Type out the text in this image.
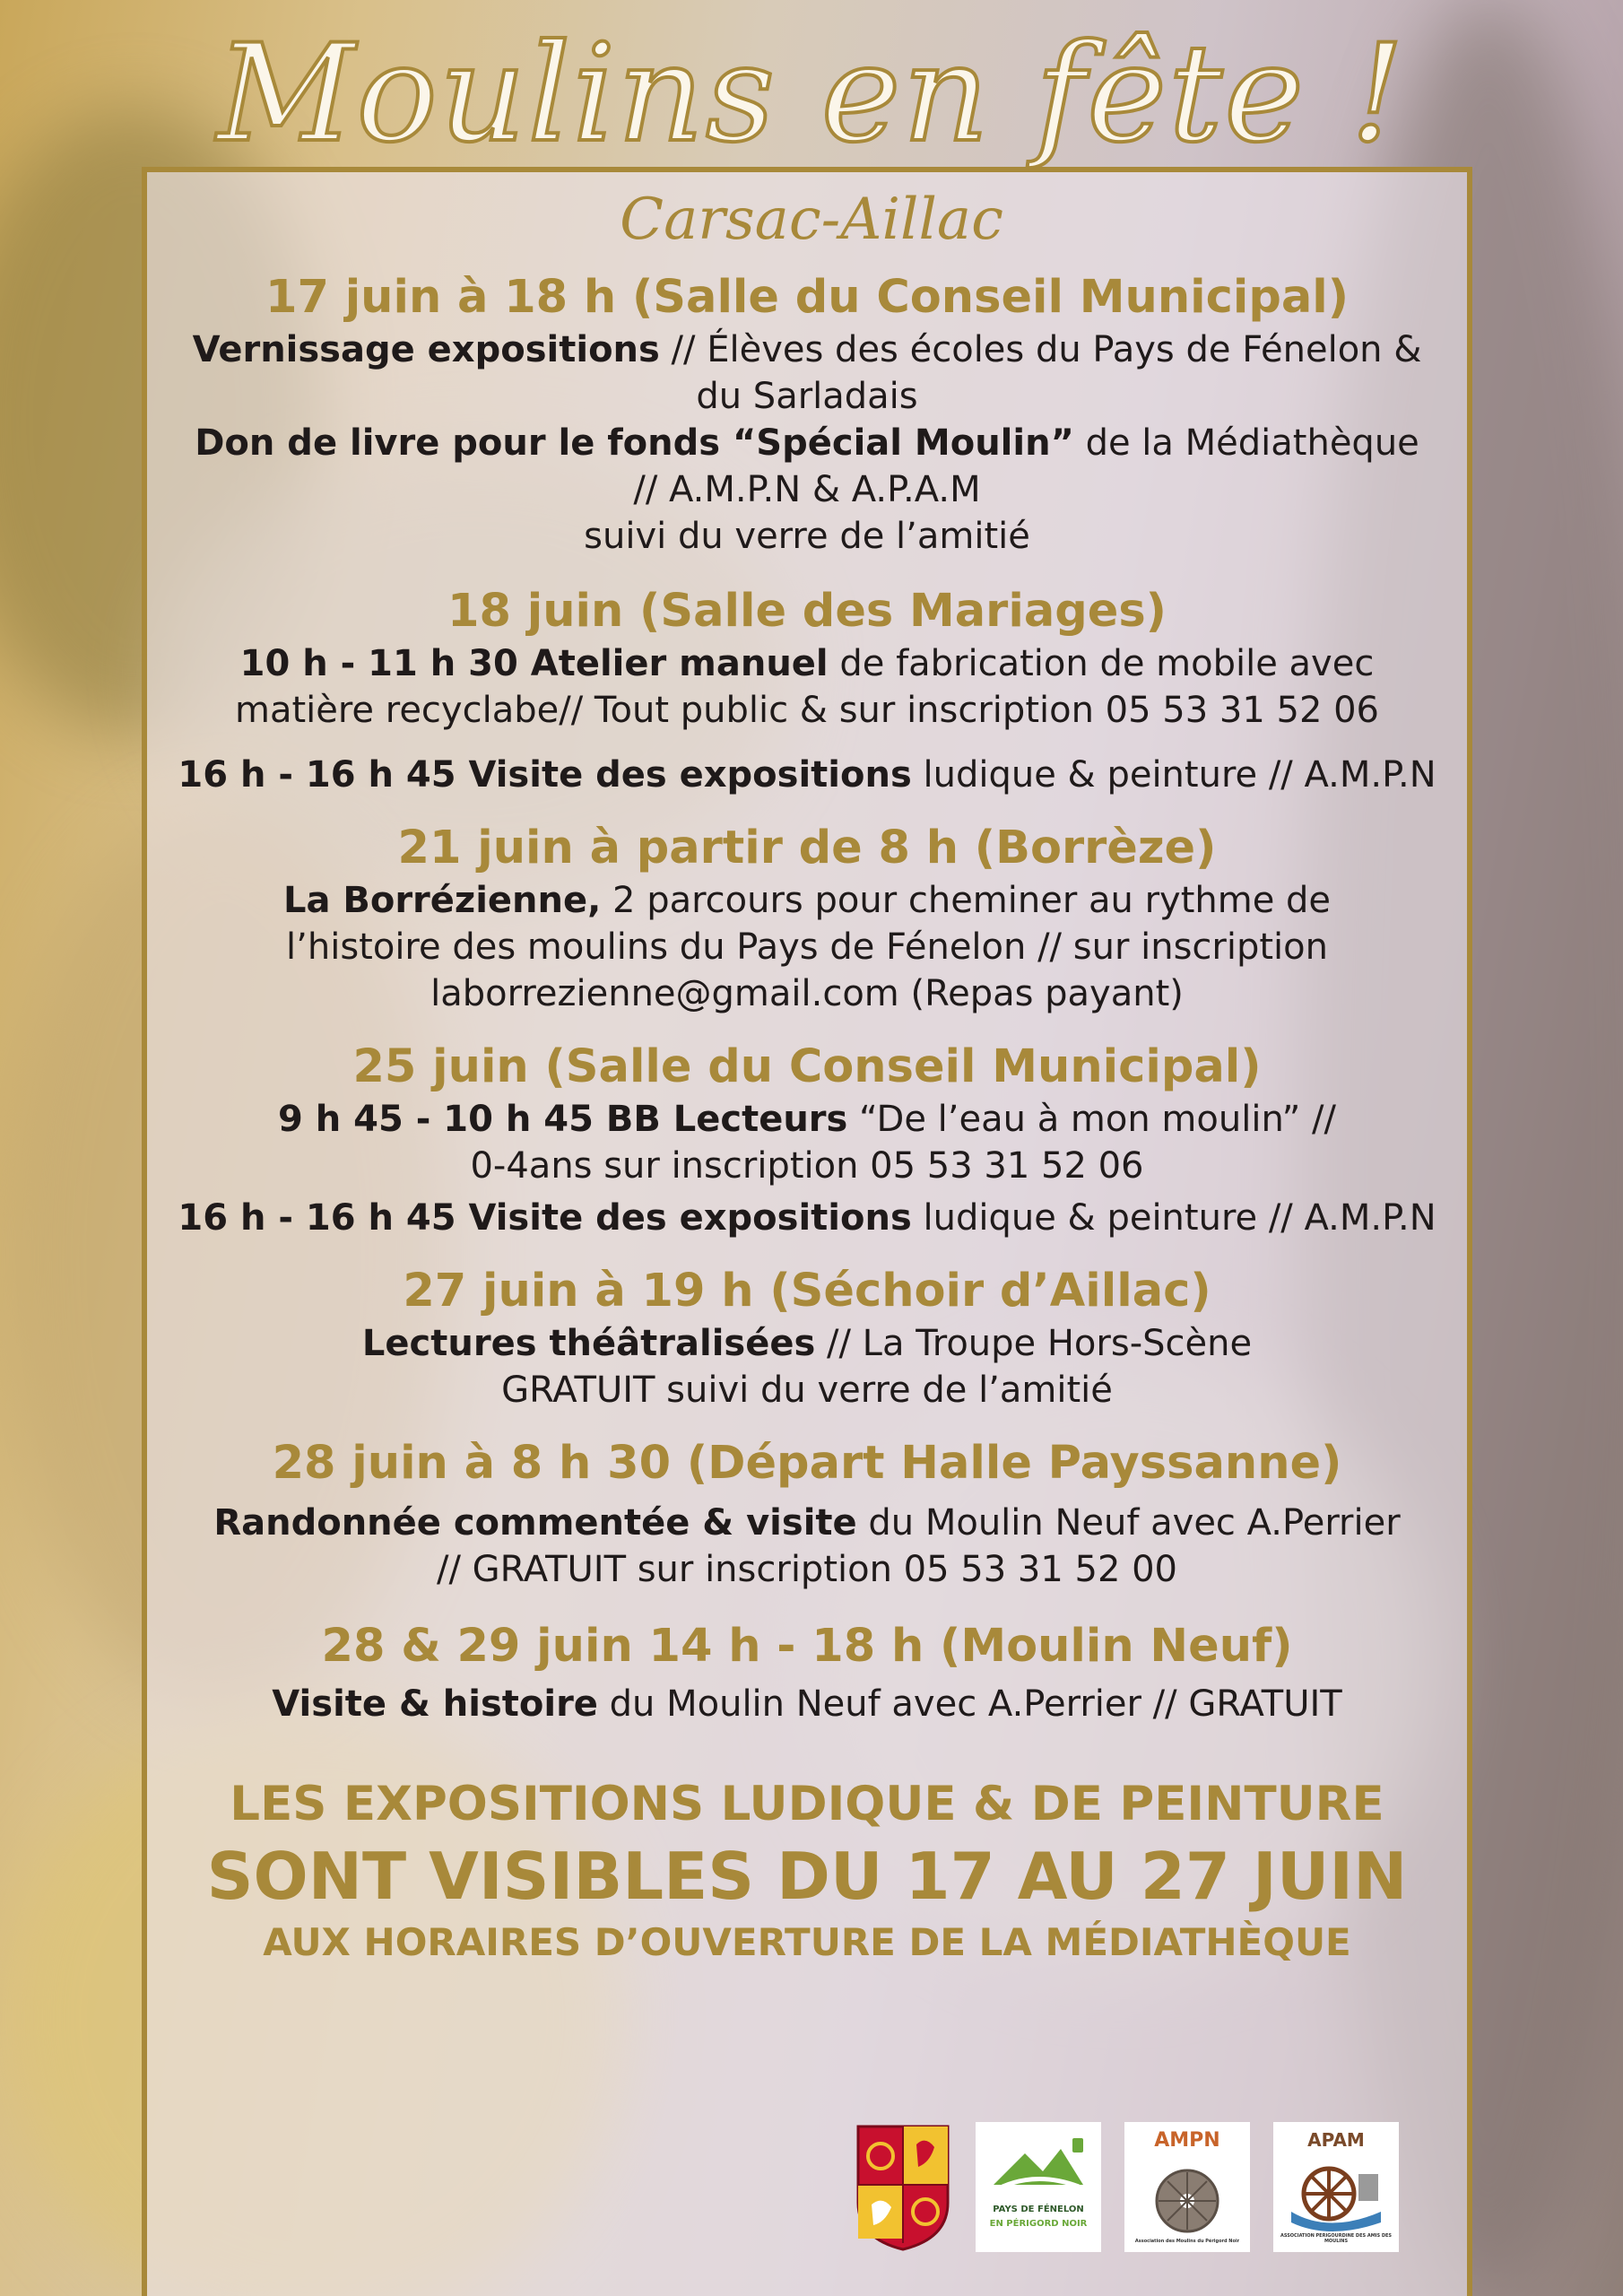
Moulins en fête !
Carsac-Aillac

17 juin à 18 h (Salle du Conseil Municipal)

Vernissage expositions // Élèves des écoles du Pays de Fénelon &

du Sarladais

Don de livre pour le fonds “Spécial Moulin” de la Médiathèque

// A.M.P.N & A.P.A.M

suivi du verre de l’amitié

18 juin (Salle des Mariages)

10 h - 11 h 30 Atelier manuel de fabrication de mobile avec

matière recyclabe// Tout public & sur inscription 05 53 31 52 06

16 h - 16 h 45 Visite des expositions ludique & peinture // A.M.P.N

21 juin à partir de 8 h (Borrèze)

La Borrézienne, 2 parcours pour cheminer au rythme de

l’histoire des moulins du Pays de Fénelon // sur inscription

laborrezienne@gmail.com (Repas payant)

25 juin (Salle du Conseil Municipal)

9 h 45 - 10 h 45 BB Lecteurs “De l’eau à mon moulin” //

0-4ans sur inscription 05 53 31 52 06

16 h - 16 h 45 Visite des expositions ludique & peinture // A.M.P.N

27 juin à 19 h (Séchoir d’Aillac)

Lectures théâtralisées // La Troupe Hors-Scène

GRATUIT suivi du verre de l’amitié

28 juin à 8 h 30 (Départ Halle Payssanne)

Randonnée commentée & visite du Moulin Neuf avec A.Perrier

// GRATUIT sur inscription 05 53 31 52 00

28 & 29 juin 14 h - 18 h (Moulin Neuf)

Visite & histoire du Moulin Neuf avec A.Perrier // GRATUIT

LES EXPOSITIONS LUDIQUE & DE PEINTURE
SONT VISIBLES DU 17 AU 27 JUIN
AUX HORAIRES D’OUVERTURE DE LA MÉDIATHÈQUE
PAYS DE FÉNELON
EN PÉRIGORD NOIR
AMPN
Association des Moulins du Périgord Noir
APAM
ASSOCIATION PERIGOURDINE DES AMIS DES MOULINS
